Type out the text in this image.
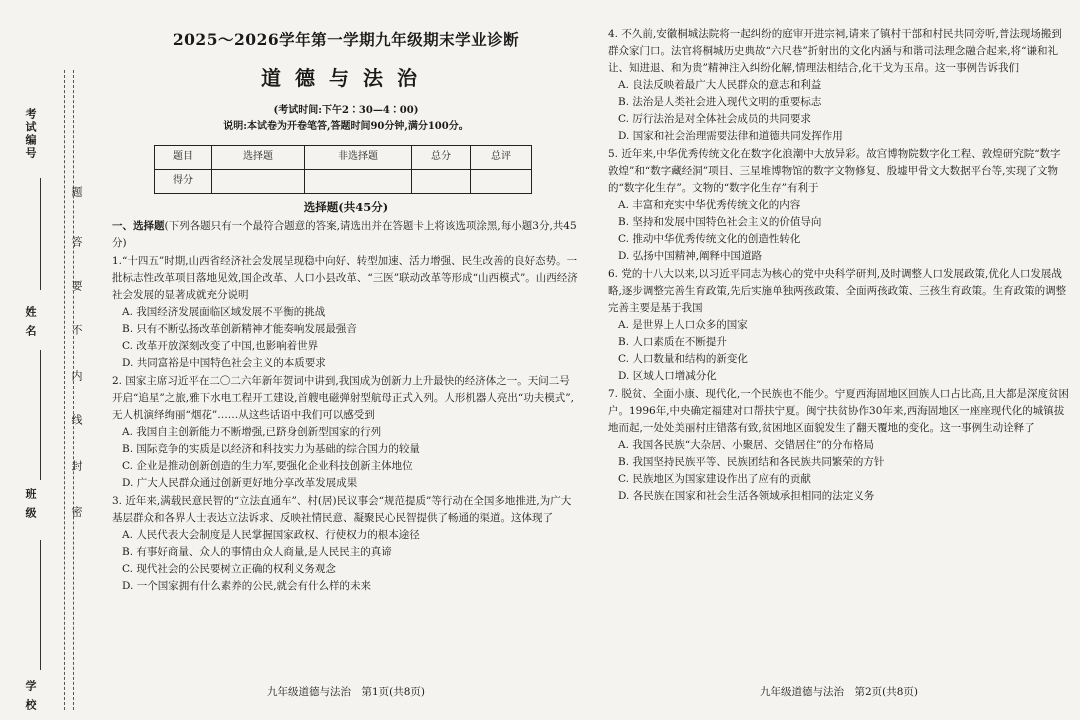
考试编号
姓 名
班 级
学 校
题
答
要
不
内
线
封
密
2025～2026学年第一学期九年级期末学业诊断
道德与法治
(考试时间:下午2∶30—4∶00)
说明:本试卷为开卷笔答,答题时间90分钟,满分100分。
题目	选择题	非选择题	总分	总评
得分				
选择题(共45分)
一、选择题(下列各题只有一个最符合题意的答案,请选出并在答题卡上将该选项涂黑,每小题3分,共45分)
1.“十四五”时期,山西省经济社会发展呈现稳中向好、转型加速、活力增强、民生改善的良好态势。一批标志性改革项目落地见效,国企改革、人口小县改革、“三医”联动改革等形成“山西模式”。山西经济社会发展的显著成就充分说明
A. 我国经济发展面临区域发展不平衡的挑战
B. 只有不断弘扬改革创新精神才能奏响发展最强音
C. 改革开放深刻改变了中国,也影响着世界
D. 共同富裕是中国特色社会主义的本质要求
2. 国家主席习近平在二〇二六年新年贺词中讲到,我国成为创新力上升最快的经济体之一。天问二号开启“追星”之旅,雅下水电工程开工建设,首艘电磁弹射型航母正式入列。人形机器人亮出“功夫模式”,无人机演绎绚丽“烟花”……从这些话语中我们可以感受到
A. 我国自主创新能力不断增强,已跻身创新型国家的行列
B. 国际竞争的实质是以经济和科技实力为基础的综合国力的较量
C. 企业是推动创新创造的生力军,要强化企业科技创新主体地位
D. 广大人民群众通过创新更好地分享改革发展成果
3. 近年来,满载民意民智的“立法直通车”、村(居)民议事会“规范提质”等行动在全国多地推进,为广大基层群众和各界人士表达立法诉求、反映社情民意、凝聚民心民智提供了畅通的渠道。这体现了
A. 人民代表大会制度是人民掌握国家政权、行使权力的根本途径
B. 有事好商量、众人的事情由众人商量,是人民民主的真谛
C. 现代社会的公民要树立正确的权利义务观念
D. 一个国家拥有什么素养的公民,就会有什么样的未来
九年级道德与法治　第1页(共8页)
4. 不久前,安徽桐城法院将一起纠纷的庭审开进宗祠,请来了镇村干部和村民共同旁听,普法现场搬到群众家门口。法官将桐城历史典故“六尺巷”折射出的文化内涵与和谐司法理念融合起来,将“谦和礼让、知进退、和为贵”精神注入纠纷化解,情理法相结合,化干戈为玉帛。这一事例告诉我们
A. 良法反映着最广大人民群众的意志和利益
B. 法治是人类社会进入现代文明的重要标志
C. 厉行法治是对全体社会成员的共同要求
D. 国家和社会治理需要法律和道德共同发挥作用
5. 近年来,中华优秀传统文化在数字化浪潮中大放异彩。故宫博物院数字化工程、敦煌研究院“数字敦煌”和“数字藏经洞”项目、三星堆博物馆的数字文物修复、殷墟甲骨文大数据平台等,实现了文物的“数字化生存”。文物的“数字化生存”有利于
A. 丰富和充实中华优秀传统文化的内容
B. 坚持和发展中国特色社会主义的价值导向
C. 推动中华优秀传统文化的创造性转化
D. 弘扬中国精神,阐释中国道路
6. 党的十八大以来,以习近平同志为核心的党中央科学研判,及时调整人口发展政策,优化人口发展战略,逐步调整完善生育政策,先后实施单独两孩政策、全面两孩政策、三孩生育政策。生育政策的调整完善主要是基于我国
A. 是世界上人口众多的国家
B. 人口素质在不断提升
C. 人口数量和结构的新变化
D. 区域人口增减分化
7. 脱贫、全面小康、现代化,一个民族也不能少。宁夏西海固地区回族人口占比高,且大都是深度贫困户。1996年,中央确定福建对口帮扶宁夏。闽宁扶贫协作30年来,西海固地区一座座现代化的城镇拔地而起,一处处美丽村庄错落有致,贫困地区面貌发生了翻天覆地的变化。这一事例生动诠释了
A. 我国各民族“大杂居、小聚居、交错居住”的分布格局
B. 我国坚持民族平等、民族团结和各民族共同繁荣的方针
C. 民族地区为国家建设作出了应有的贡献
D. 各民族在国家和社会生活各领域承担相同的法定义务
九年级道德与法治　第2页(共8页)
